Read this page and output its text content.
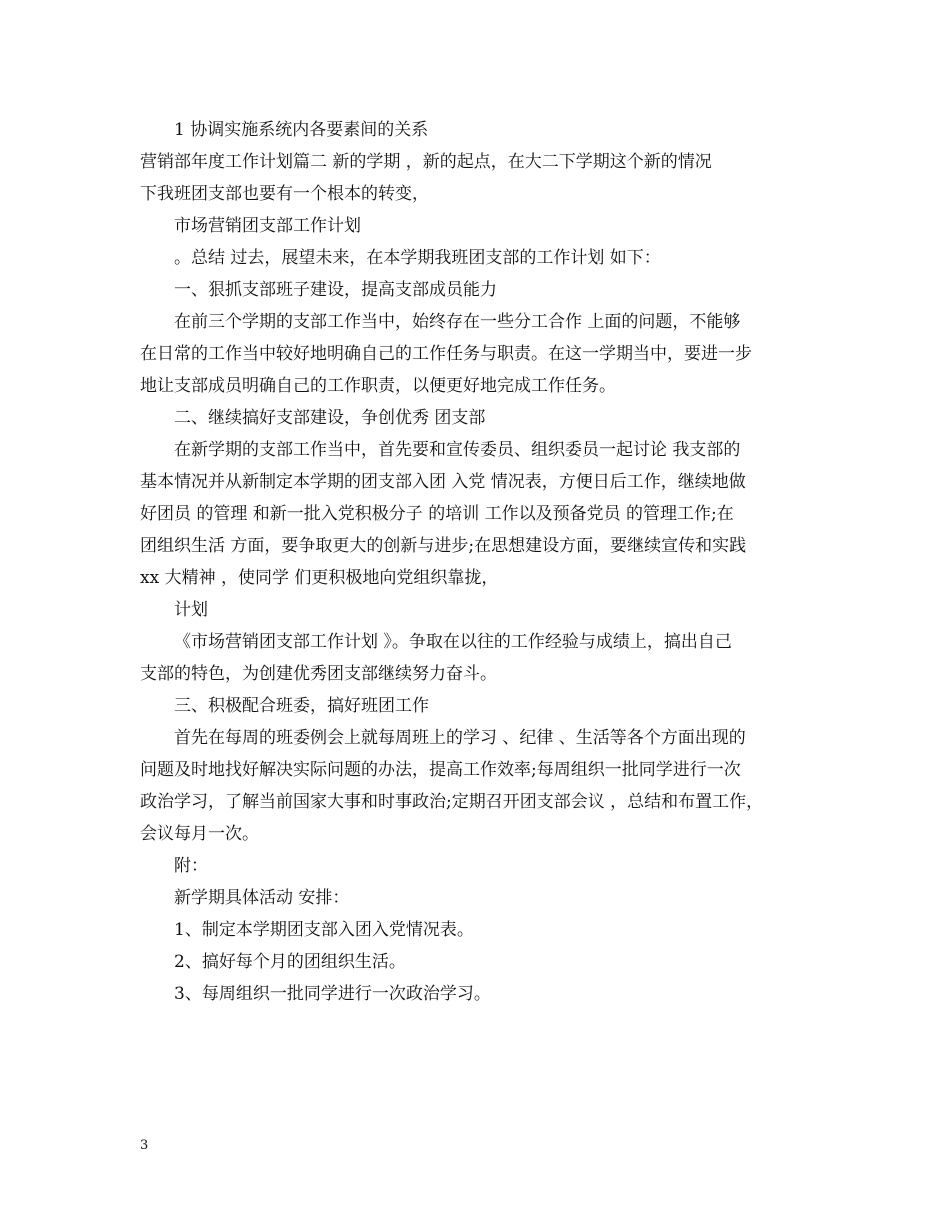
1 协调实施系统内各要素间的关系

营销部年度工作计划篇二 新的学期 ，新的起点，在大二下学期这个新的情况

下我班团支部也要有一个根本的转变，

市场营销团支部工作计划

。总结 过去，展望未来，在本学期我班团支部的工作计划 如下：

一、狠抓支部班子建设，提高支部成员能力

在前三个学期的支部工作当中，始终存在一些分工合作 上面的问题，不能够

在日常的工作当中较好地明确自己的工作任务与职责。在这一学期当中，要进一步

地让支部成员明确自己的工作职责，以便更好地完成工作任务。

二、继续搞好支部建设，争创优秀 团支部

在新学期的支部工作当中，首先要和宣传委员、组织委员一起讨论 我支部的

基本情况并从新制定本学期的团支部入团 入党 情况表，方便日后工作，继续地做

好团员 的管理 和新一批入党积极分子 的培训 工作以及预备党员 的管理工作;在

团组织生活 方面，要争取更大的创新与进步;在思想建设方面，要继续宣传和实践

xx 大精神 ，使同学 们更积极地向党组织靠拢，

计划

《市场营销团支部工作计划 》。争取在以往的工作经验与成绩上，搞出自己

支部的特色，为创建优秀团支部继续努力奋斗。

三、积极配合班委，搞好班团工作

首先在每周的班委例会上就每周班上的学习 、纪律 、生活等各个方面出现的

问题及时地找好解决实际问题的办法，提高工作效率;每周组织一批同学进行一次

政治学习，了解当前国家大事和时事政治;定期召开团支部会议 ，总结和布置工作，

会议每月一次。

附：

新学期具体活动 安排：

1、制定本学期团支部入团入党情况表。

2、搞好每个月的团组织生活。

3、每周组织一批同学进行一次政治学习。

3
